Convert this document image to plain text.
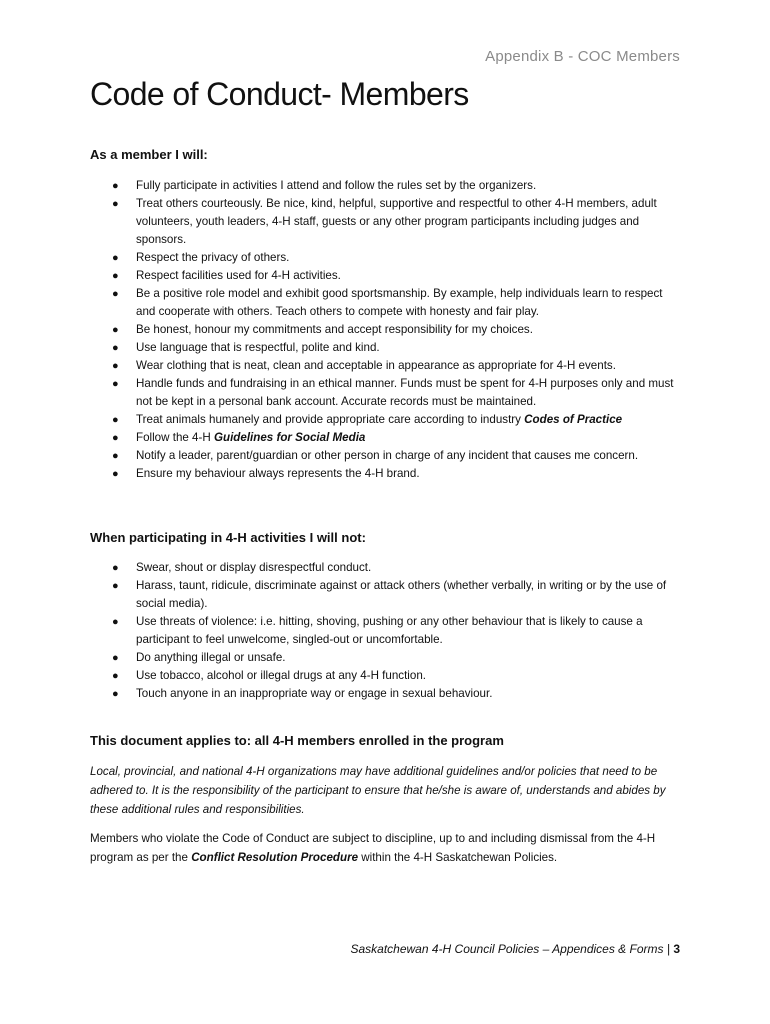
Appendix B - COC Members
Code of Conduct- Members
As a member I will:
● Fully participate in activities I attend and follow the rules set by the organizers.
● Treat others courteously. Be nice, kind, helpful, supportive and respectful to other 4-H members, adult volunteers, youth leaders, 4-H staff, guests or any other program participants including judges and sponsors.
● Respect the privacy of others.
● Respect facilities used for 4-H activities.
● Be a positive role model and exhibit good sportsmanship. By example, help individuals learn to respect and cooperate with others. Teach others to compete with honesty and fair play.
● Be honest, honour my commitments and accept responsibility for my choices.
● Use language that is respectful, polite and kind.
● Wear clothing that is neat, clean and acceptable in appearance as appropriate for 4-H events.
● Handle funds and fundraising in an ethical manner. Funds must be spent for 4-H purposes only and must not be kept in a personal bank account. Accurate records must be maintained.
● Treat animals humanely and provide appropriate care according to industry Codes of Practice
● Follow the 4-H Guidelines for Social Media
● Notify a leader, parent/guardian or other person in charge of any incident that causes me concern.
● Ensure my behaviour always represents the 4-H brand.
When participating in 4-H activities I will not:
● Swear, shout or display disrespectful conduct.
● Harass, taunt, ridicule, discriminate against or attack others (whether verbally, in writing or by the use of social media).
● Use threats of violence: i.e. hitting, shoving, pushing or any other behaviour that is likely to cause a participant to feel unwelcome, singled-out or uncomfortable.
● Do anything illegal or unsafe.
● Use tobacco, alcohol or illegal drugs at any 4-H function.
● Touch anyone in an inappropriate way or engage in sexual behaviour.
This document applies to: all 4-H members enrolled in the program

Local, provincial, and national 4-H organizations may have additional guidelines and/or policies that need to be adhered to. It is the responsibility of the participant to ensure that he/she is aware of, understands and abides by these additional rules and responsibilities.

Members who violate the Code of Conduct are subject to discipline, up to and including dismissal from the 4-H program as per the Conflict Resolution Procedure within the 4-H Saskatchewan Policies.

Saskatchewan 4-H Council Policies – Appendices & Forms | 3
